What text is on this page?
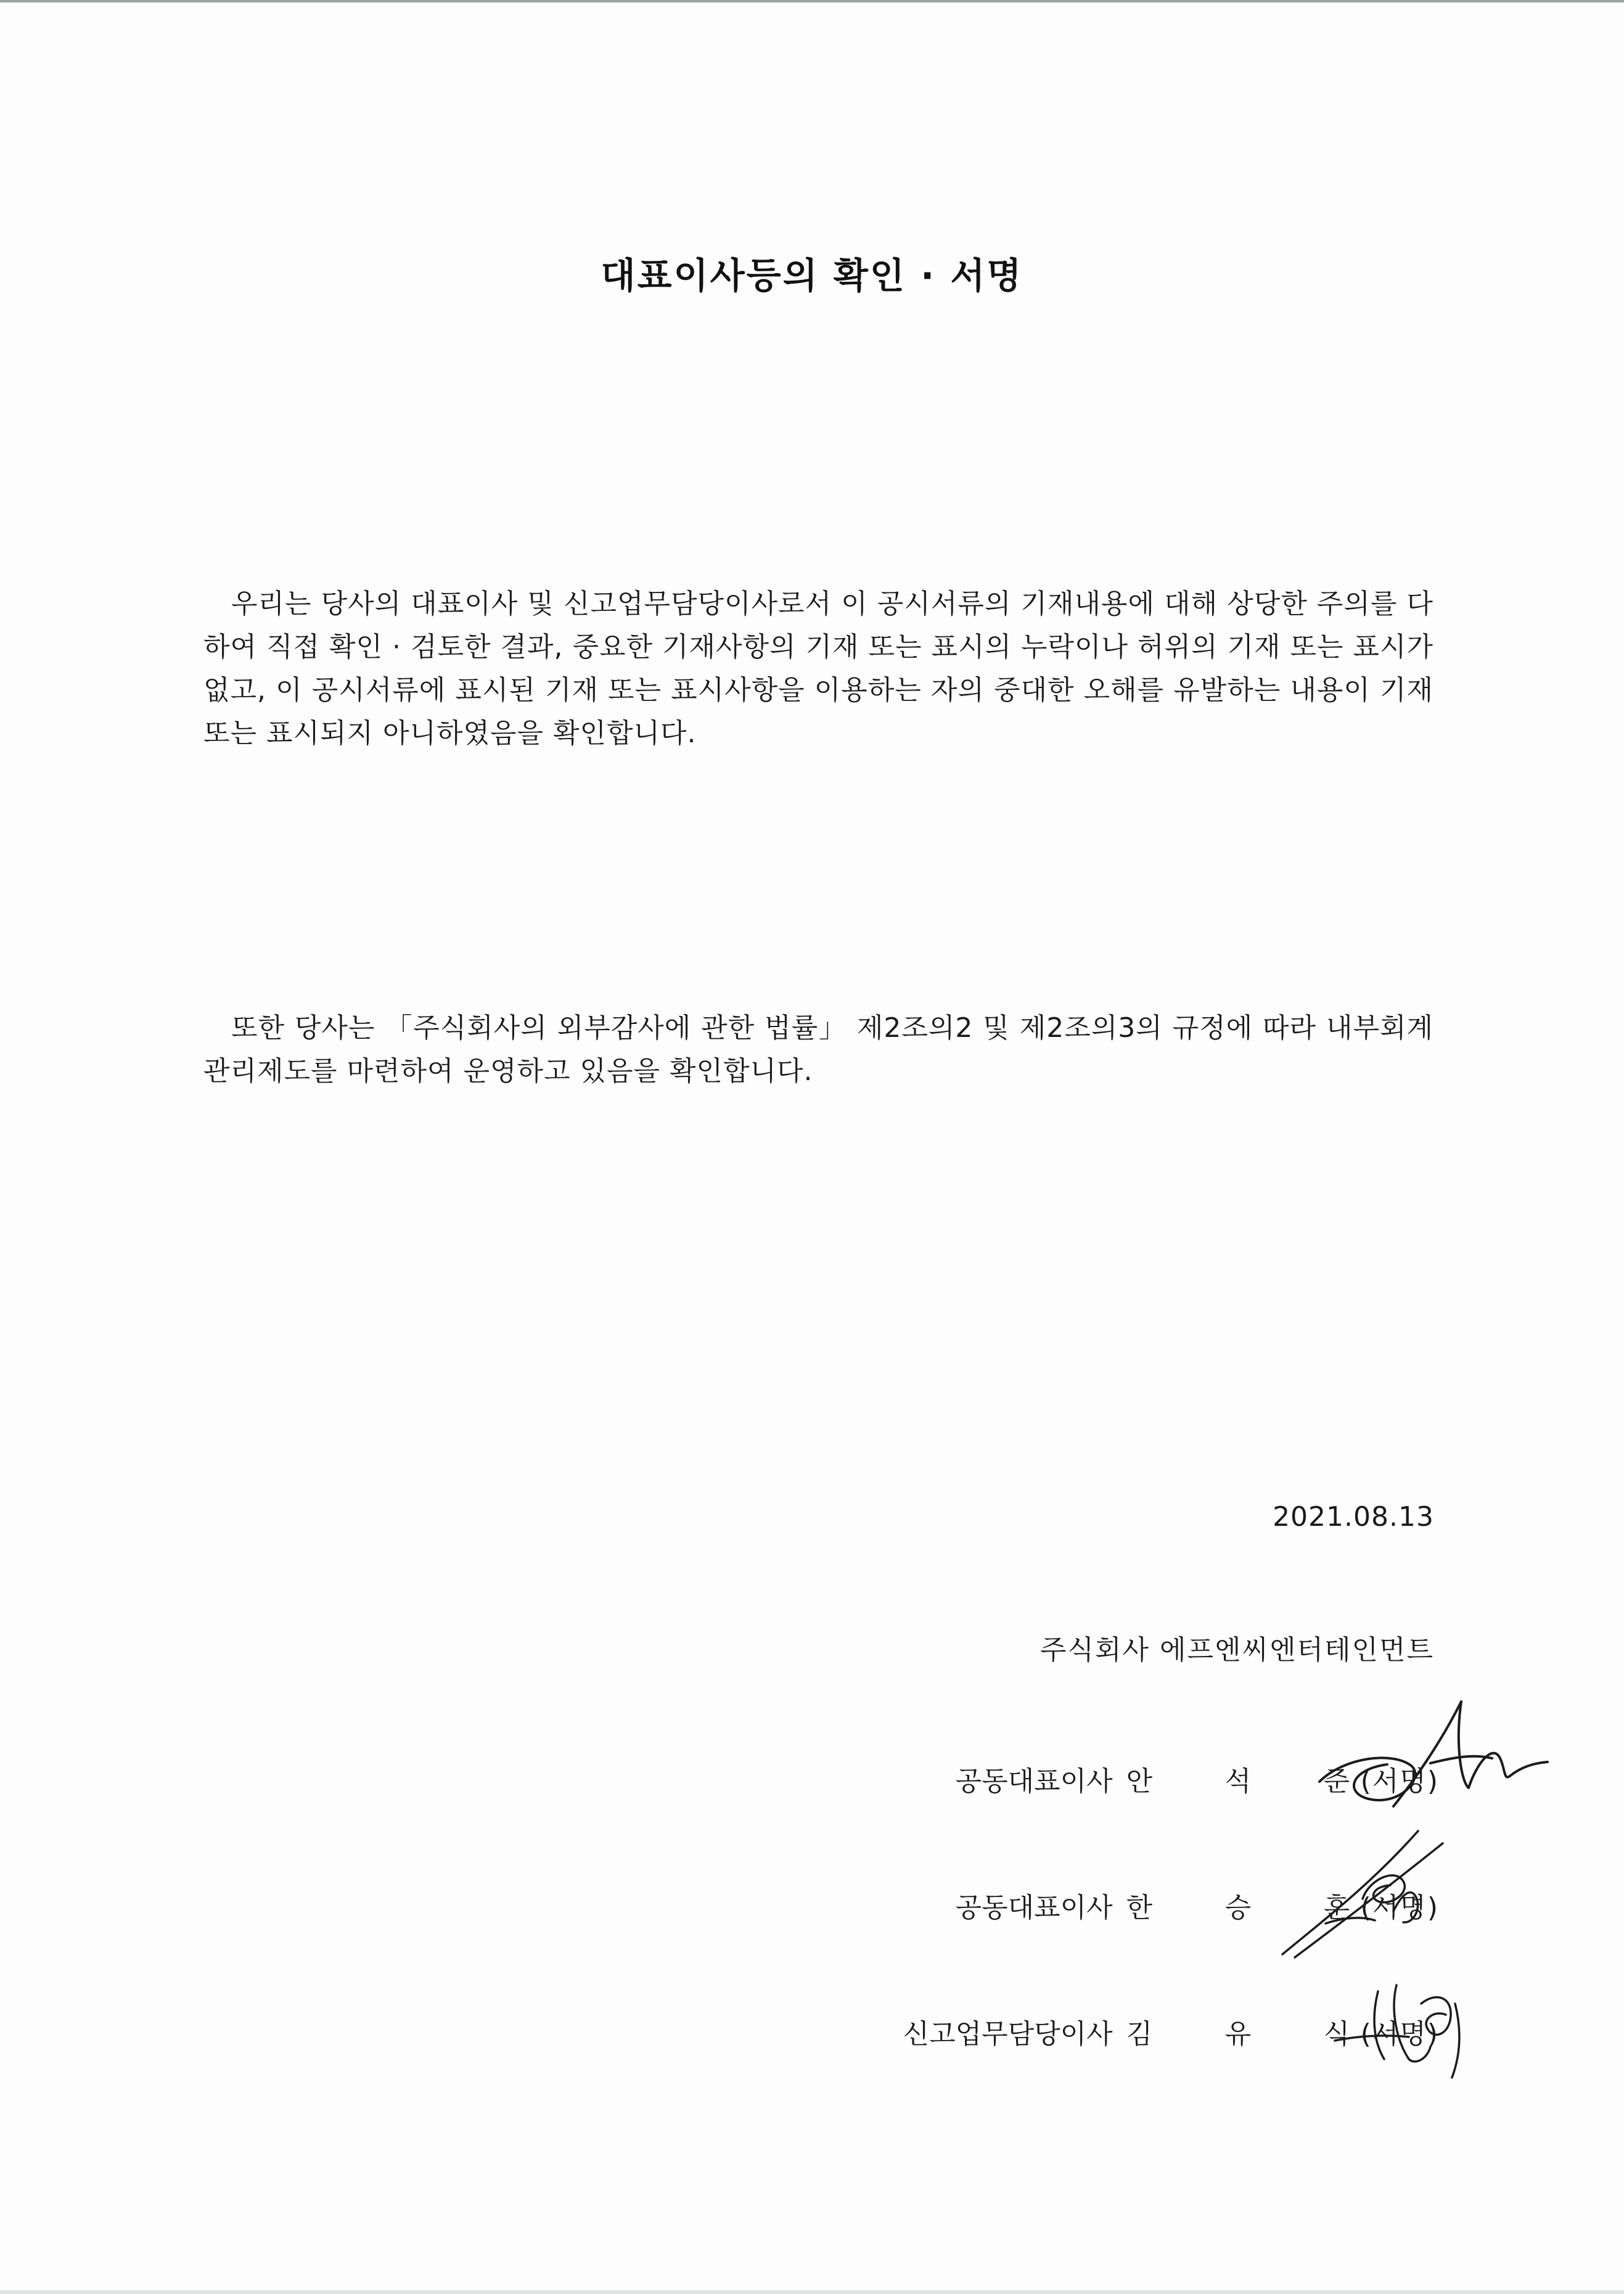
대표이사등의 확인 · 서명

우리는 당사의 대표이사 및 신고업무담당이사로서 이 공시서류의 기재내용에 대해 상당한 주의를 다하여 직접 확인 · 검토한 결과, 중요한 기재사항의 기재 또는 표시의 누락이나 허위의 기재 또는 표시가 없고, 이 공시서류에 표시된 기재 또는 표시사항을 이용하는 자의 중대한 오해를 유발하는 내용이 기재 또는 표시되지 아니하였음을 확인합니다.

또한 당사는 「주식회사의 외부감사에 관한 법률」 제2조의2 및 제2조의3의 규정에 따라 내부회계관리제도를 마련하여 운영하고 있음을 확인합니다.

2021.08.13
주식회사 에프엔씨엔터테인먼트
공동대표이사 안	석	준 (서명)
공동대표이사 한	승	훈 (서명)
신고업무담당이사 김	유	식 (서명)
